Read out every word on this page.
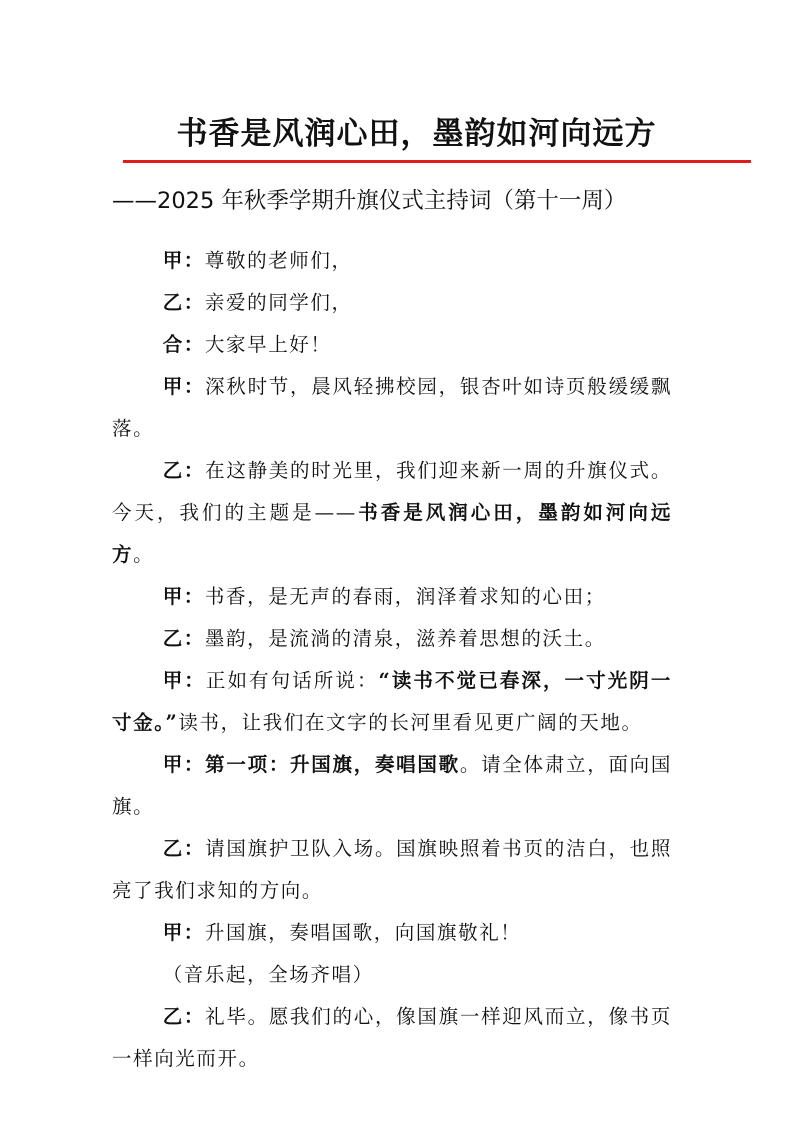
书香是风润心田，墨韵如河向远方
——2025 年秋季学期升旗仪式主持词（第十一周）

甲：尊敬的老师们，

乙：亲爱的同学们，

合：大家早上好！

甲：深秋时节，晨风轻拂校园，银杏叶如诗页般缓缓飘落。

乙：在这静美的时光里，我们迎来新一周的升旗仪式。今天，我们的主题是——书香是风润心田，墨韵如河向远方。

甲：书香，是无声的春雨，润泽着求知的心田；

乙：墨韵，是流淌的清泉，滋养着思想的沃土。

甲：正如有句话所说：“读书不觉已春深，一寸光阴一寸金。”读书，让我们在文字的长河里看见更广阔的天地。

甲：第一项：升国旗，奏唱国歌。请全体肃立，面向国旗。

乙：请国旗护卫队入场。国旗映照着书页的洁白，也照亮了我们求知的方向。

甲：升国旗，奏唱国歌，向国旗敬礼！

（音乐起，全场齐唱）

乙：礼毕。愿我们的心，像国旗一样迎风而立，像书页一样向光而开。
